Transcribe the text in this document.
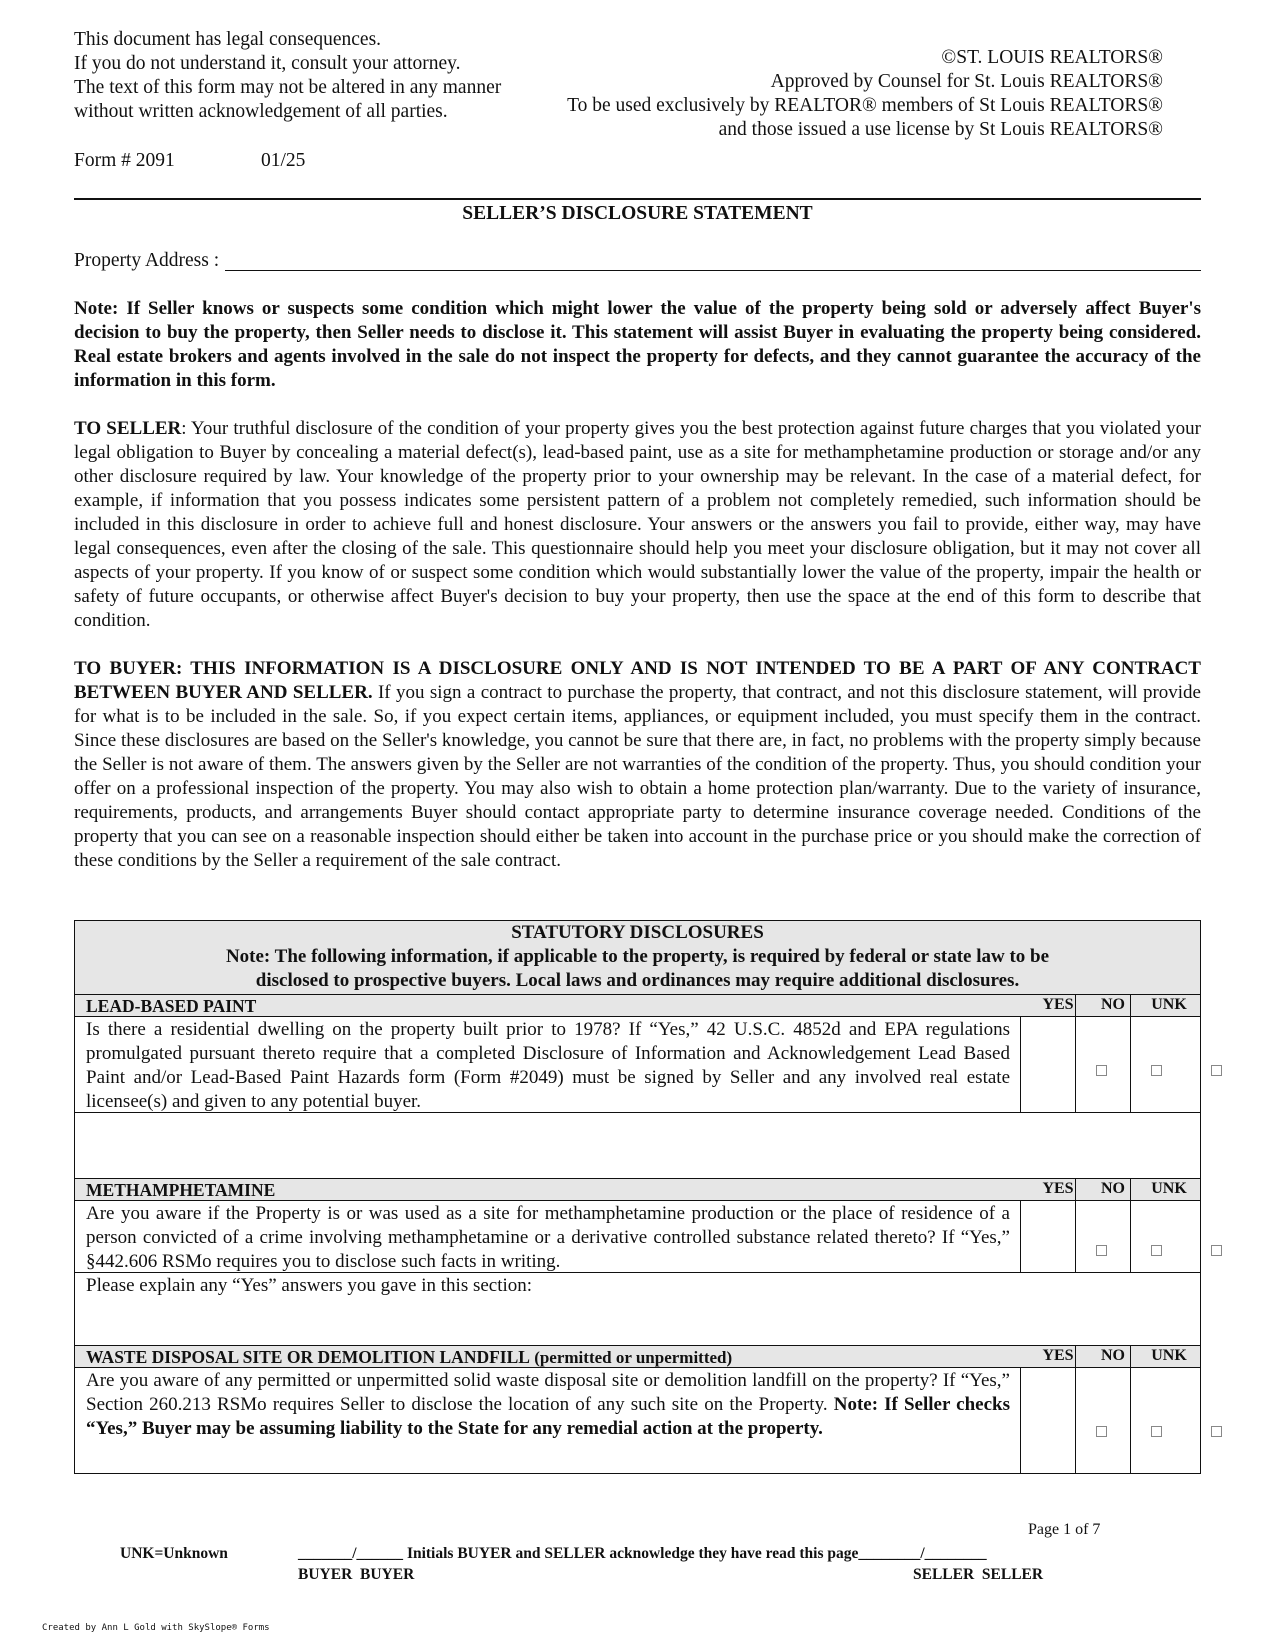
This document has legal consequences.
If you do not understand it, consult your attorney.
The text of this form may not be altered in any manner
without written acknowledgement of all parties.
©ST. LOUIS REALTORS®
Approved by Counsel for St. Louis REALTORS®
To be used exclusively by REALTOR® members of St Louis REALTORS®
and those issued a use license by St Louis REALTORS®
Form # 2091	01/25
SELLER’S DISCLOSURE STATEMENT
Property Address :
Note: If Seller knows or suspects some condition which might lower the value of the property being sold or adversely affect Buyer's decision to buy the property, then Seller needs to disclose it. This statement will assist Buyer in evaluating the property being considered. Real estate brokers and agents involved in the sale do not inspect the property for defects, and they cannot guarantee the accuracy of the information in this form.
TO SELLER: Your truthful disclosure of the condition of your property gives you the best protection against future charges that you violated your legal obligation to Buyer by concealing a material defect(s), lead-based paint, use as a site for methamphetamine production or storage and/or any other disclosure required by law. Your knowledge of the property prior to your ownership may be relevant. In the case of a material defect, for example, if information that you possess indicates some persistent pattern of a problem not completely remedied, such information should be included in this disclosure in order to achieve full and honest disclosure. Your answers or the answers you fail to provide, either way, may have legal consequences, even after the closing of the sale. This questionnaire should help you meet your disclosure obligation, but it may not cover all aspects of your property. If you know of or suspect some condition which would substantially lower the value of the property, impair the health or safety of future occupants, or otherwise affect Buyer's decision to buy your property, then use the space at the end of this form to describe that condition.
TO BUYER: THIS INFORMATION IS A DISCLOSURE ONLY AND IS NOT INTENDED TO BE A PART OF ANY CONTRACT BETWEEN BUYER AND SELLER. If you sign a contract to purchase the property, that contract, and not this disclosure statement, will provide for what is to be included in the sale. So, if you expect certain items, appliances, or equipment included, you must specify them in the contract. Since these disclosures are based on the Seller's knowledge, you cannot be sure that there are, in fact, no problems with the property simply because the Seller is not aware of them. The answers given by the Seller are not warranties of the condition of the property. Thus, you should condition your offer on a professional inspection of the property. You may also wish to obtain a home protection plan/warranty. Due to the variety of insurance, requirements, products, and arrangements Buyer should contact appropriate party to determine insurance coverage needed. Conditions of the property that you can see on a reasonable inspection should either be taken into account in the purchase price or you should make the correction of these conditions by the Seller a requirement of the sale contract.
STATUTORY DISCLOSURES
Note: The following information, if applicable to the property, is required by federal or state law to be
disclosed to prospective buyers. Local laws and ordinances may require additional disclosures.
LEAD-BASED PAINT	YES	NO	UNK
Is there a residential dwelling on the property built prior to 1978? If “Yes,” 42 U.S.C. 4852d and EPA regulations promulgated pursuant thereto require that a completed Disclosure of Information and Acknowledgement Lead Based Paint and/or Lead-Based Paint Hazards form (Form #2049) must be signed by Seller and any involved real estate licensee(s) and given to any potential buyer.
METHAMPHETAMINE	YES	NO	UNK
Are you aware if the Property is or was used as a site for methamphetamine production or the place of residence of a person convicted of a crime involving methamphetamine or a derivative controlled substance related thereto? If “Yes,” §442.606 RSMo requires you to disclose such facts in writing.
Please explain any “Yes” answers you gave in this section:
WASTE DISPOSAL SITE OR DEMOLITION LANDFILL (permitted or unpermitted)	YES	NO	UNK
Are you aware of any permitted or unpermitted solid waste disposal site or demolition landfill on the property? If “Yes,” Section 260.213 RSMo requires Seller to disclose the location of any such site on the Property. Note: If Seller checks “Yes,” Buyer may be assuming liability to the State for any remedial action at the property.
Page 1 of 7
UNK=Unknown	_______/______ Initials BUYER and SELLER acknowledge they have read this page________/________
BUYER  BUYER	SELLER  SELLER
Created by Ann L Gold with SkySlope® Forms
